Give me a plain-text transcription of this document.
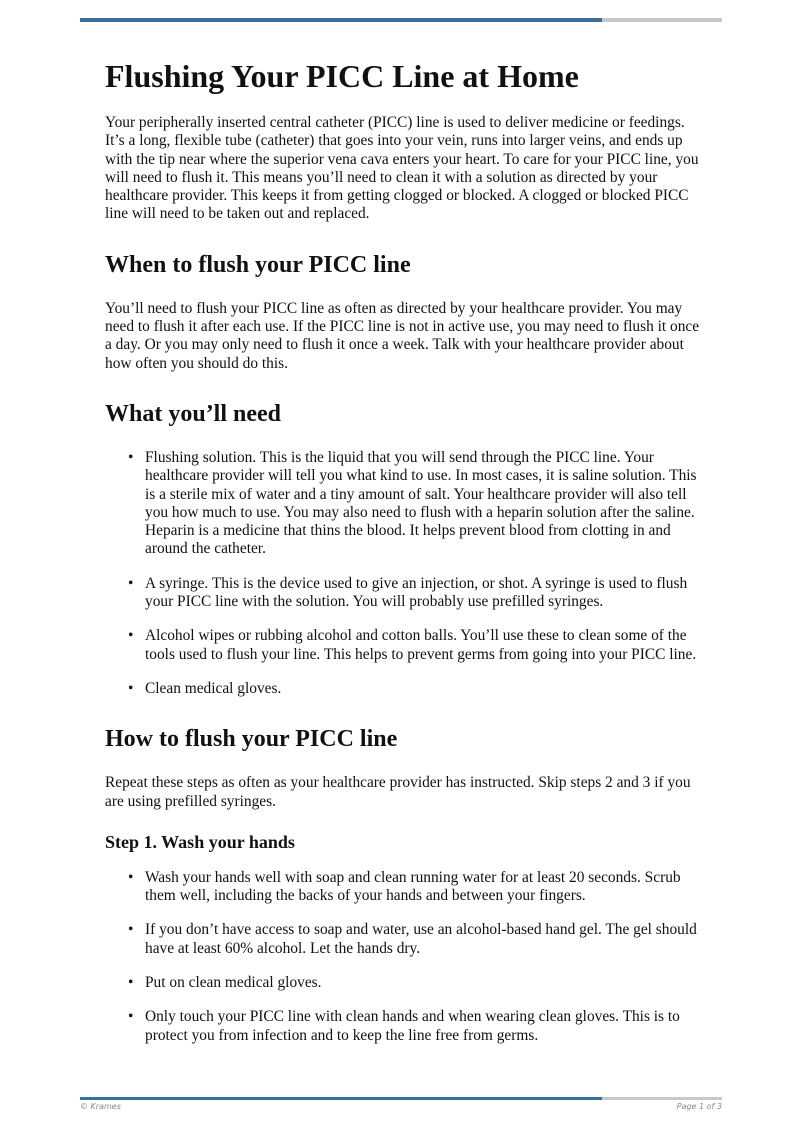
Flushing Your PICC Line at Home

Your peripherally inserted central catheter (PICC) line is used to deliver medicine or feedings. It’s a long, flexible tube (catheter) that goes into your vein, runs into larger veins, and ends up with the tip near where the superior vena cava enters your heart. To care for your PICC line, you will need to flush it. This means you’ll need to clean it with a solution as directed by your healthcare provider. This keeps it from getting clogged or blocked. A clogged or blocked PICC line will need to be taken out and replaced.

When to flush your PICC line

You’ll need to flush your PICC line as often as directed by your healthcare provider. You may need to flush it after each use. If the PICC line is not in active use, you may need to flush it once a day. Or you may only need to flush it once a week. Talk with your healthcare provider about how often you should do this.

What you’ll need
• Flushing solution. This is the liquid that you will send through the PICC line. Your healthcare provider will tell you what kind to use. In most cases, it is saline solution. This is a sterile mix of water and a tiny amount of salt. Your healthcare provider will also tell you how much to use. You may also need to flush with a heparin solution after the saline. Heparin is a medicine that thins the blood. It helps prevent blood from clotting in and around the catheter.
• A syringe. This is the device used to give an injection, or shot. A syringe is used to flush your PICC line with the solution. You will probably use prefilled syringes.
• Alcohol wipes or rubbing alcohol and cotton balls. You’ll use these to clean some of the tools used to flush your line. This helps to prevent germs from going into your PICC line.
• Clean medical gloves.
How to flush your PICC line

Repeat these steps as often as your healthcare provider has instructed. Skip steps 2 and 3 if you are using prefilled syringes.

Step 1. Wash your hands
• Wash your hands well with soap and clean running water for at least 20 seconds. Scrub them well, including the backs of your hands and between your fingers.
• If you don’t have access to soap and water, use an alcohol-based hand gel. The gel should have at least 60% alcohol. Let the hands dry.
• Put on clean medical gloves.
• Only touch your PICC line with clean hands and when wearing clean gloves. This is to protect you from infection and to keep the line free from germs.
© Krames	Page 1 of 3
